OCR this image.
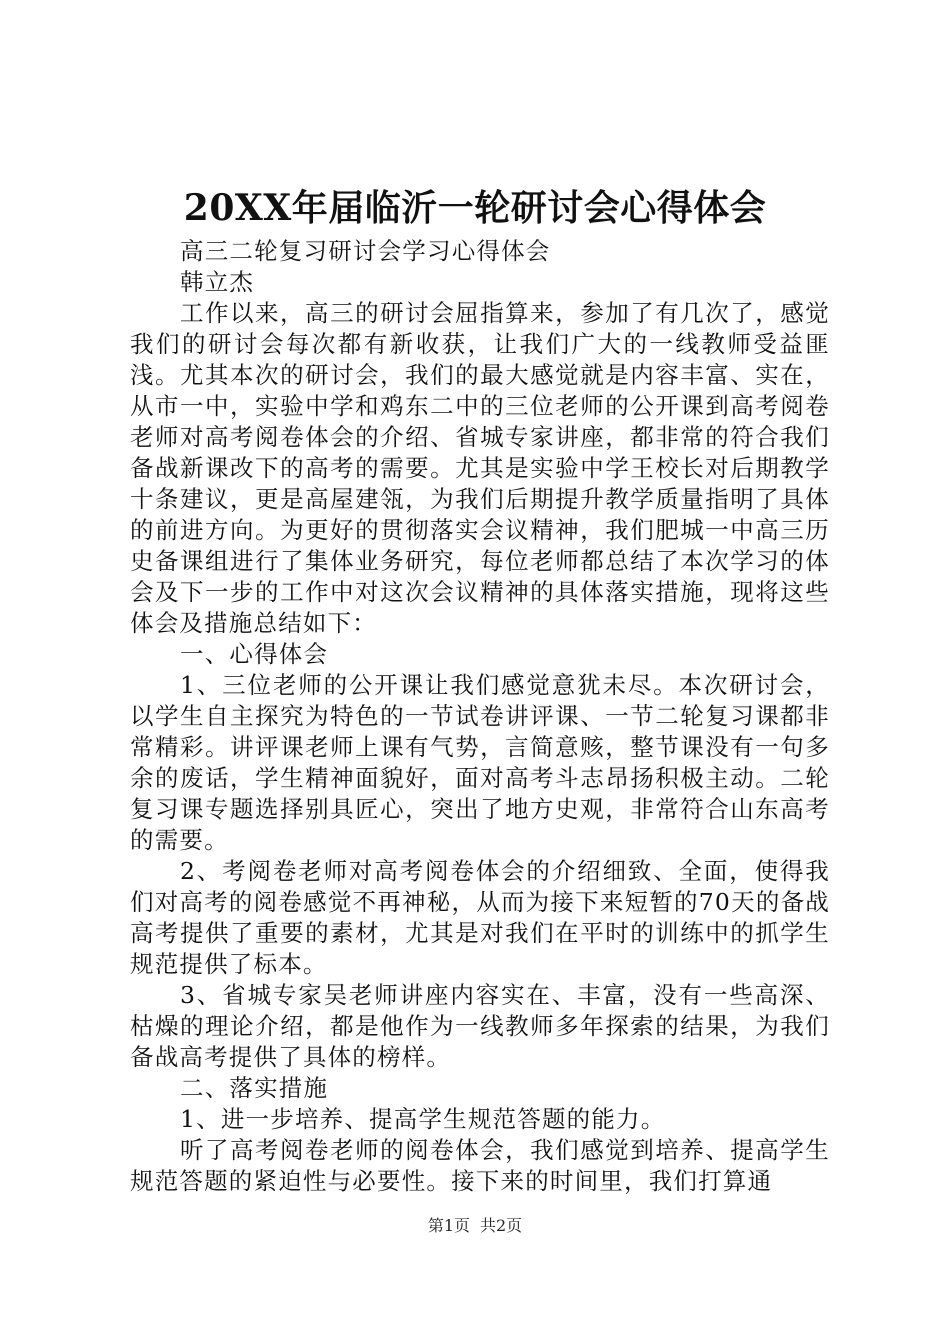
20XX年届临沂一轮研讨会心得体会

高三二轮复习研讨会学习心得体会

韩立杰

工作以来，高三的研讨会屈指算来，参加了有几次了，感觉我们的研讨会每次都有新收获，让我们广大的一线教师受益匪浅。尤其本次的研讨会，我们的最大感觉就是内容丰富、实在，从市一中，实验中学和鸡东二中的三位老师的公开课到高考阅卷老师对高考阅卷体会的介绍、省城专家讲座，都非常的符合我们备战新课改下的高考的需要。尤其是实验中学王校长对后期教学十条建议，更是高屋建瓴，为我们后期提升教学质量指明了具体的前进方向。为更好的贯彻落实会议精神，我们肥城一中高三历史备课组进行了集体业务研究，每位老师都总结了本次学习的体会及下一步的工作中对这次会议精神的具体落实措施，现将这些体会及措施总结如下：

一、心得体会

1、三位老师的公开课让我们感觉意犹未尽。本次研讨会，以学生自主探究为特色的一节试卷讲评课、一节二轮复习课都非常精彩。讲评课老师上课有气势，言简意赅，整节课没有一句多余的废话，学生精神面貌好，面对高考斗志昂扬积极主动。二轮复习课专题选择别具匠心，突出了地方史观，非常符合山东高考的需要。

2、考阅卷老师对高考阅卷体会的介绍细致、全面，使得我们对高考的阅卷感觉不再神秘，从而为接下来短暂的70天的备战高考提供了重要的素材，尤其是对我们在平时的训练中的抓学生规范提供了标本。

3、省城专家吴老师讲座内容实在、丰富，没有一些高深、枯燥的理论介绍，都是他作为一线教师多年探索的结果，为我们备战高考提供了具体的榜样。

二、落实措施

1、进一步培养、提高学生规范答题的能力。

听了高考阅卷老师的阅卷体会，我们感觉到培养、提高学生规范答题的紧迫性与必要性。接下来的时间里，我们打算通

第1页 共2页
